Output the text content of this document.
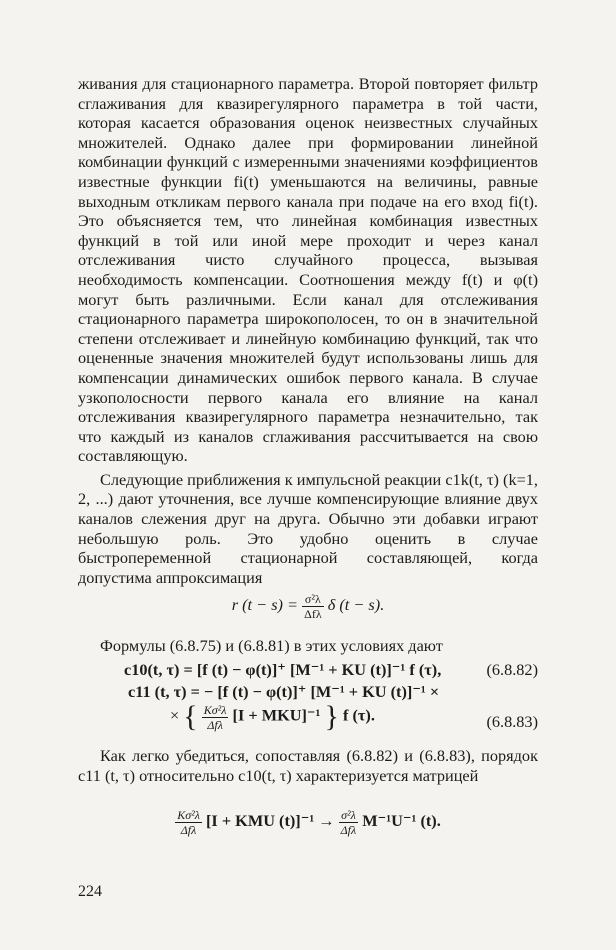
живания для стационарного параметра. Второй повторяет фильтр сглаживания для квазирегулярного параметра в той части, которая касается образования оценок неизвестных случайных множителей. Однако далее при формировании линейной комбинации функций с измеренными значениями коэффициентов известные функции fi(t) уменьшаются на величины, равные выходным откликам первого канала при подаче на его вход fi(t). Это объясняется тем, что линейная комбинация известных функций в той или иной мере проходит и через канал отслеживания чисто случайного процесса, вызывая необходимость компенсации. Соотношения между f(t) и φ(t) могут быть различными. Если канал для отслеживания стационарного параметра широкополосен, то он в значительной степени отслеживает и линейную комбинацию функций, так что оцененные значения множителей будут использованы лишь для компенсации динамических ошибок первого канала. В случае узкополосности первого канала его влияние на канал отслеживания квазирегулярного параметра незначительно, так что каждый из каналов сглаживания рассчитывается на свою составляющую.

Следующие приближения к импульсной реакции c1k(t, τ) (k=1, 2, ...) дают уточнения, все лучше компенсирующие влияние двух каналов слежения друг на друга. Обычно эти добавки играют небольшую роль. Это удобно оценить в случае быстропеременной стационарной составляющей, когда допустима аппроксимация

r $(t - s) = \frac{\text{σ²λ}}{\text{Δfλ}}$ δ (t − s).
Формулы (6.8.75) и (6.8.81) в этих условиях дают
c10(t, τ) = [f (t) − φ(t)]⁺ [M⁻¹ + KU (t)]⁻¹ f (τ),	(6.8.82)
c11 (t, τ) = − [f (t) − φ(t)]⁺ [M⁻¹ + KU (t)]⁻¹ ×
× { $\frac{\text{Kσ²λ}}{\text{Δfλ}} [I + MKU]^{-1}$ } f (τ).	(6.8.83)
Как легко убедиться, сопоставляя (6.8.82) и (6.8.83), порядок c11 (t, τ) относительно c10(t, τ) характеризуется матрицей
$\frac{\text{Kσ²λ}}{\text{Δfλ}} [I$ + KMU $(t)]^{-1} \to \frac{\text{σ²λ}}{\text{Δfλ}} M^{-1}U^{-1}$ (t).
224
